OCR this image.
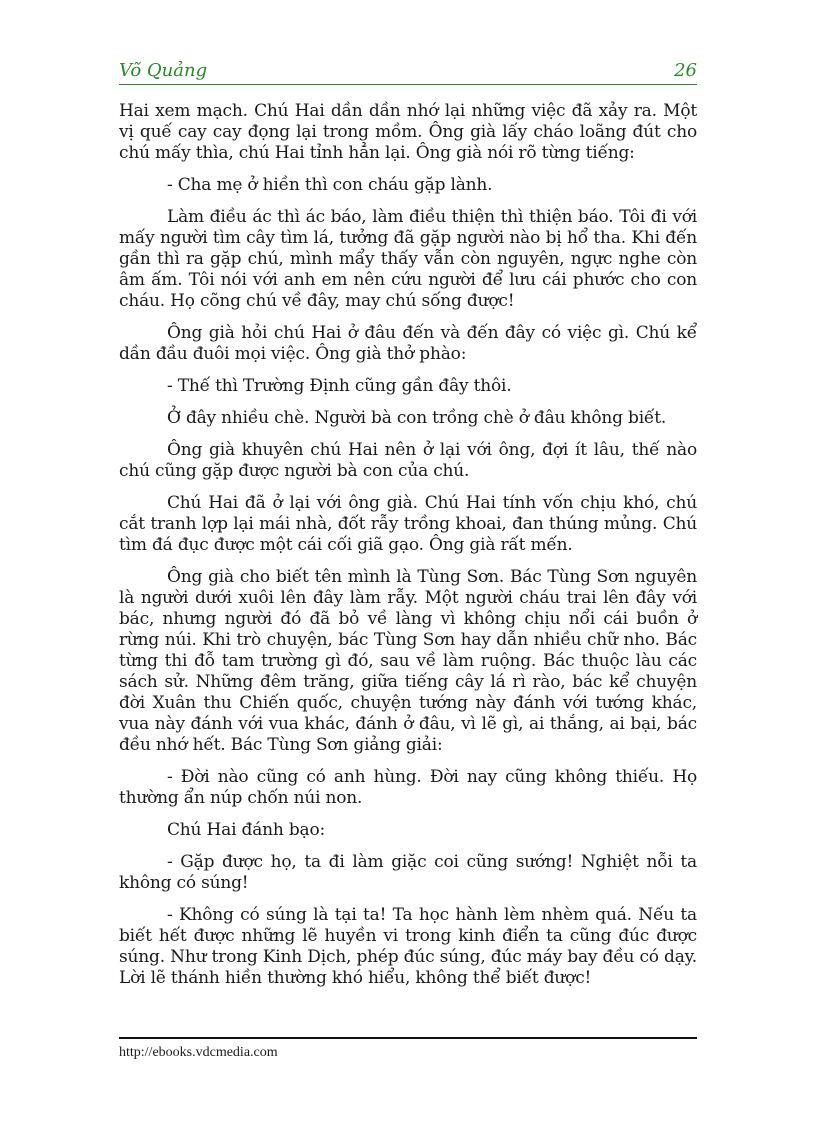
Võ Quảng	26

Hai xem mạch. Chú Hai dần dần nhớ lại những việc đã xảy ra. Một vị quế cay cay đọng lại trong mồm. Ông già lấy cháo loãng đút cho chú mấy thìa, chú Hai tỉnh hẳn lại. Ông già nói rõ từng tiếng:

- Cha mẹ ở hiền thì con cháu gặp lành.

Làm điều ác thì ác báo, làm điều thiện thì thiện báo. Tôi đi với mấy người tìm cây tìm lá, tưởng đã gặp người nào bị hổ tha. Khi đến gần thì ra gặp chú, mình mẩy thấy vẫn còn nguyên, ngực nghe còn âm ấm. Tôi nói với anh em nên cứu người để lưu cái phước cho con cháu. Họ cõng chú về đây, may chú sống được!

Ông già hỏi chú Hai ở đâu đến và đến đây có việc gì. Chú kể dần đầu đuôi mọi việc. Ông già thở phào:

- Thế thì Trường Định cũng gần đây thôi.

Ở đây nhiều chè. Người bà con trồng chè ở đâu không biết.

Ông già khuyên chú Hai nên ở lại với ông, đợi ít lâu, thế nào chú cũng gặp được người bà con của chú.

Chú Hai đã ở lại với ông già. Chú Hai tính vốn chịu khó, chú cắt tranh lợp lại mái nhà, đốt rẫy trồng khoai, đan thúng mủng. Chú tìm đá đục được một cái cối giã gạo. Ông già rất mến.

Ông già cho biết tên mình là Tùng Sơn. Bác Tùng Sơn nguyên là người dưới xuôi lên đây làm rẫy. Một người cháu trai lên đây với bác, nhưng người đó đã bỏ về làng vì không chịu nổi cái buồn ở rừng núi. Khi trò chuyện, bác Tùng Sơn hay dẫn nhiều chữ nho. Bác từng thi đỗ tam trường gì đó, sau về làm ruộng. Bác thuộc làu các sách sử. Những đêm trăng, giữa tiếng cây lá rì rào, bác kể chuyện đời Xuân thu Chiến quốc, chuyện tướng này đánh với tướng khác, vua này đánh với vua khác, đánh ở đâu, vì lẽ gì, ai thắng, ai bại, bác đều nhớ hết. Bác Tùng Sơn giảng giải:

- Đời nào cũng có anh hùng. Đời nay cũng không thiếu. Họ thường ẩn núp chốn núi non.

Chú Hai đánh bạo:

- Gặp được họ, ta đi làm giặc coi cũng sướng! Nghiệt nỗi ta không có súng!

- Không có súng là tại ta! Ta học hành lèm nhèm quá. Nếu ta biết hết được những lẽ huyền vi trong kinh điển ta cũng đúc được súng. Như trong Kinh Dịch, phép đúc súng, đúc máy bay đều có dạy. Lời lẽ thánh hiền thường khó hiểu, không thể biết được!

http://ebooks.vdcmedia.com
